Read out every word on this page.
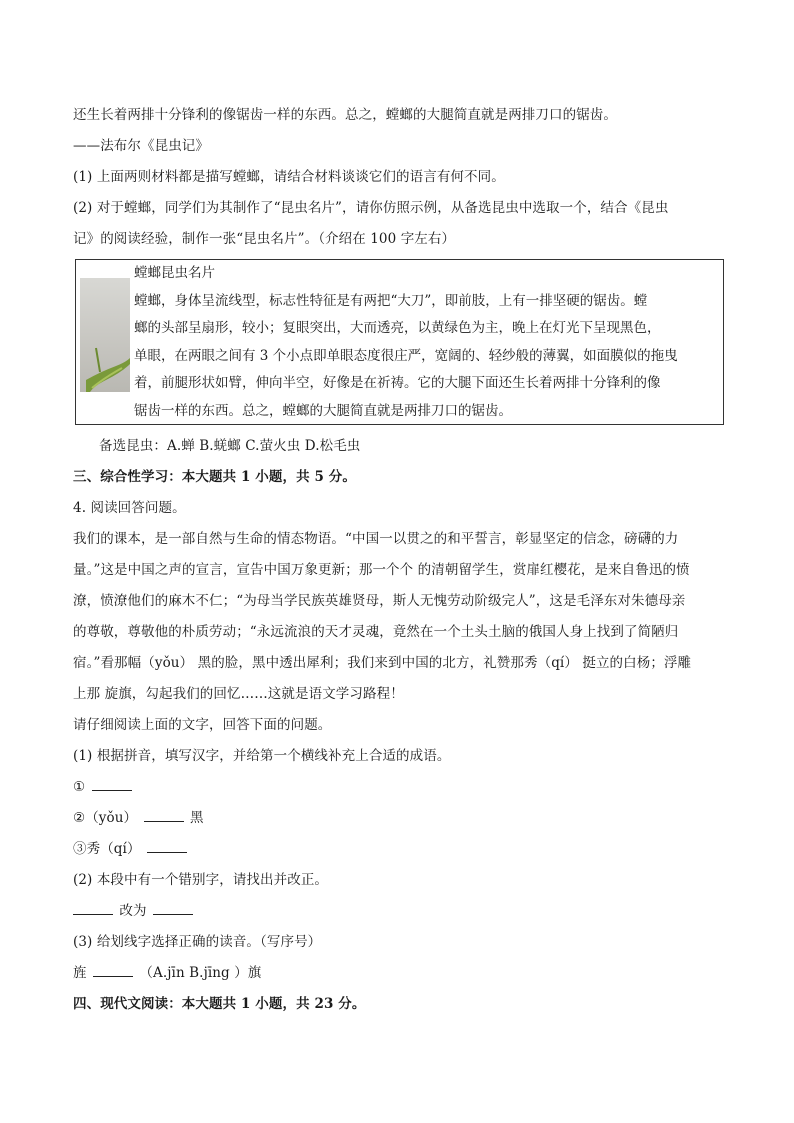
还生长着两排十分锋利的像锯齿一样的东西。总之，螳螂的大腿简直就是两排刀口的锯齿。
——法布尔《昆虫记》
(1) 上面两则材料都是描写螳螂，请结合材料谈谈它们的语言有何不同。
(2) 对于螳螂，同学们为其制作了“昆虫名片”，请你仿照示例，从备选昆虫中选取一个，结合《昆虫
记》的阅读经验，制作一张“昆虫名片”。（介绍在 100 字左右）
螳螂昆虫名片
螳螂，身体呈流线型，标志性特征是有两把“大刀”，即前肢，上有一排坚硬的锯齿。螳
螂的头部呈扇形，较小；复眼突出，大而透亮，以黄绿色为主，晚上在灯光下呈现黑色，
单眼，在两眼之间有 3 个小点即单眼态度很庄严，宽阔的、轻纱般的薄翼，如面膜似的拖曳
着，前腿形状如臂，伸向半空，好像是在祈祷。它的大腿下面还生长着两排十分锋利的像
锯齿一样的东西。总之，螳螂的大腿简直就是两排刀口的锯齿。
备选昆虫：A.蝉 B.蜣螂 C.萤火虫 D.松毛虫
三、综合性学习：本大题共 1 小题，共 5 分。
4. 阅读回答问题。
我们的课本，是一部自然与生命的情态物语。“中国一以贯之的和平誓言，彰显坚定的信念，磅礴的力
量。”这是中国之声的宣言，宣告中国万象更新；那一个个 的清朝留学生，赏扉红樱花，是来自鲁迅的愤
潦，愤潦他们的麻木不仁；“为母当学民族英雄贤母，斯人无愧劳动阶级完人”，这是毛泽东对朱德母亲
的尊敬，尊敬他的朴质劳动；“永远流浪的天才灵魂，竟然在一个土头土脑的俄国人身上找到了简陋归
宿。”看那幅（yǒu） 黑的脸，黑中透出犀利；我们来到中国的北方，礼赞那秀（qí） 挺立的白杨；浮雕
上那 旋旗，勾起我们的回忆……这就是语文学习路程！
请仔细阅读上面的文字，回答下面的问题。
(1) 根据拼音，填写汉字，并给第一个横线补充上合适的成语。
①
②（yǒu）	黑
③秀（qí）
(2) 本段中有一个错别字，请找出并改正。
改为
(3) 给划线字选择正确的读音。（写序号）
旌	（A.jīn B.jīng ）旗
四、现代文阅读：本大题共 1 小题，共 23 分。
